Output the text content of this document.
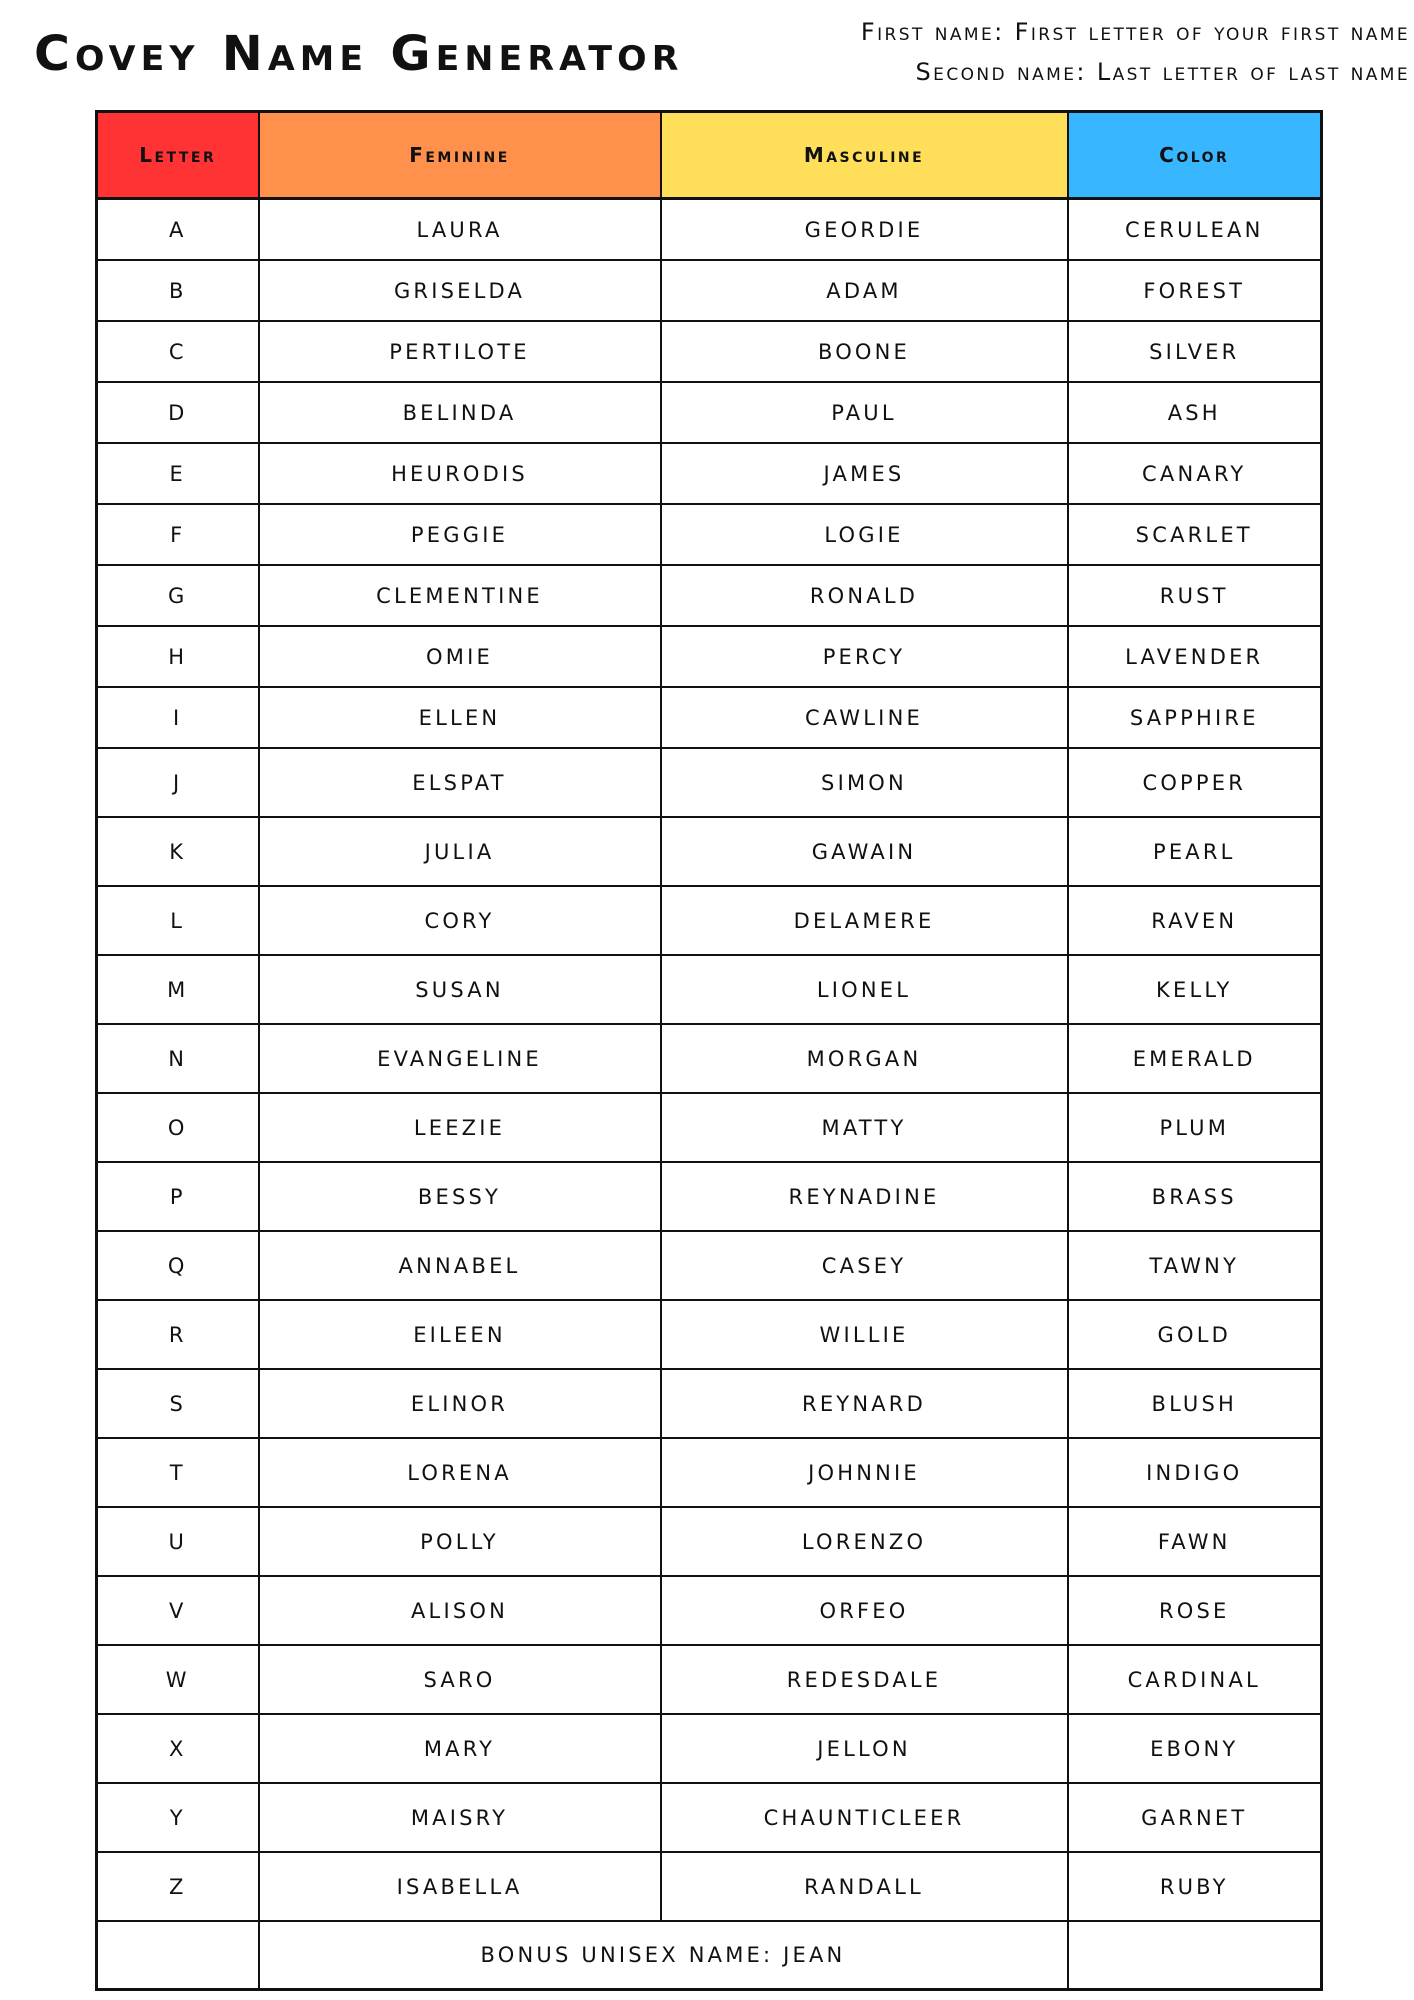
Covey Name Generator	First name: First letter of your first name
Second name: Last letter of last name
Letter	Feminine	Masculine	Color
A	LAURA	GEORDIE	CERULEAN
B	GRISELDA	ADAM	FOREST
C	PERTILOTE	BOONE	SILVER
D	BELINDA	PAUL	ASH
E	HEURODIS	JAMES	CANARY
F	PEGGIE	LOGIE	SCARLET
G	CLEMENTINE	RONALD	RUST
H	OMIE	PERCY	LAVENDER
I	ELLEN	CAWLINE	SAPPHIRE
J	ELSPAT	SIMON	COPPER
K	JULIA	GAWAIN	PEARL
L	CORY	DELAMERE	RAVEN
M	SUSAN	LIONEL	KELLY
N	EVANGELINE	MORGAN	EMERALD
O	LEEZIE	MATTY	PLUM
P	BESSY	REYNADINE	BRASS
Q	ANNABEL	CASEY	TAWNY
R	EILEEN	WILLIE	GOLD
S	ELINOR	REYNARD	BLUSH
T	LORENA	JOHNNIE	INDIGO
U	POLLY	LORENZO	FAWN
V	ALISON	ORFEO	ROSE
W	SARO	REDESDALE	CARDINAL
X	MARY	JELLON	EBONY
Y	MAISRY	CHAUNTICLEER	GARNET
Z	ISABELLA	RANDALL	RUBY
	BONUS UNISEX NAME: JEAN		
